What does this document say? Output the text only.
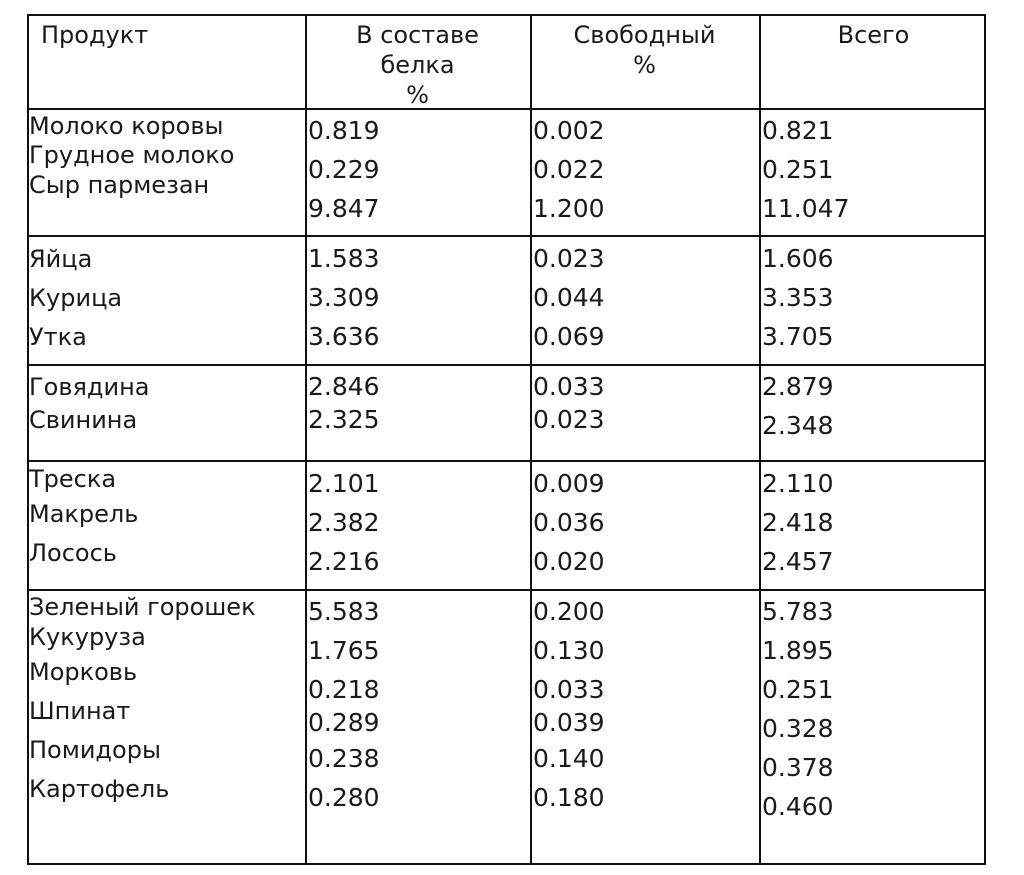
Продукт	В составе
белка
%
Свободный
%
Всего
Молоко коровы
Грудное молоко
Сыр пармезан
0.819
0.229
9.847
0.002
0.022
1.200
0.821
0.251
11.047
Яйца
Курица
Утка
1.583
3.309
3.636
0.023
0.044
0.069
1.606
3.353
3.705
Говядина
Свинина
2.846
2.325
0.033
0.023
2.879
2.348
Треска
Макрель
Лосось
2.101
2.382
2.216
0.009
0.036
0.020
2.110
2.418
2.457
Зеленый горошек
Кукуруза
Морковь
Шпинат
Помидоры
Картофель
5.583
1.765
0.218
0.289
0.238
0.280
0.200
0.130
0.033
0.039
0.140
0.180
5.783
1.895
0.251
0.328
0.378
0.460
